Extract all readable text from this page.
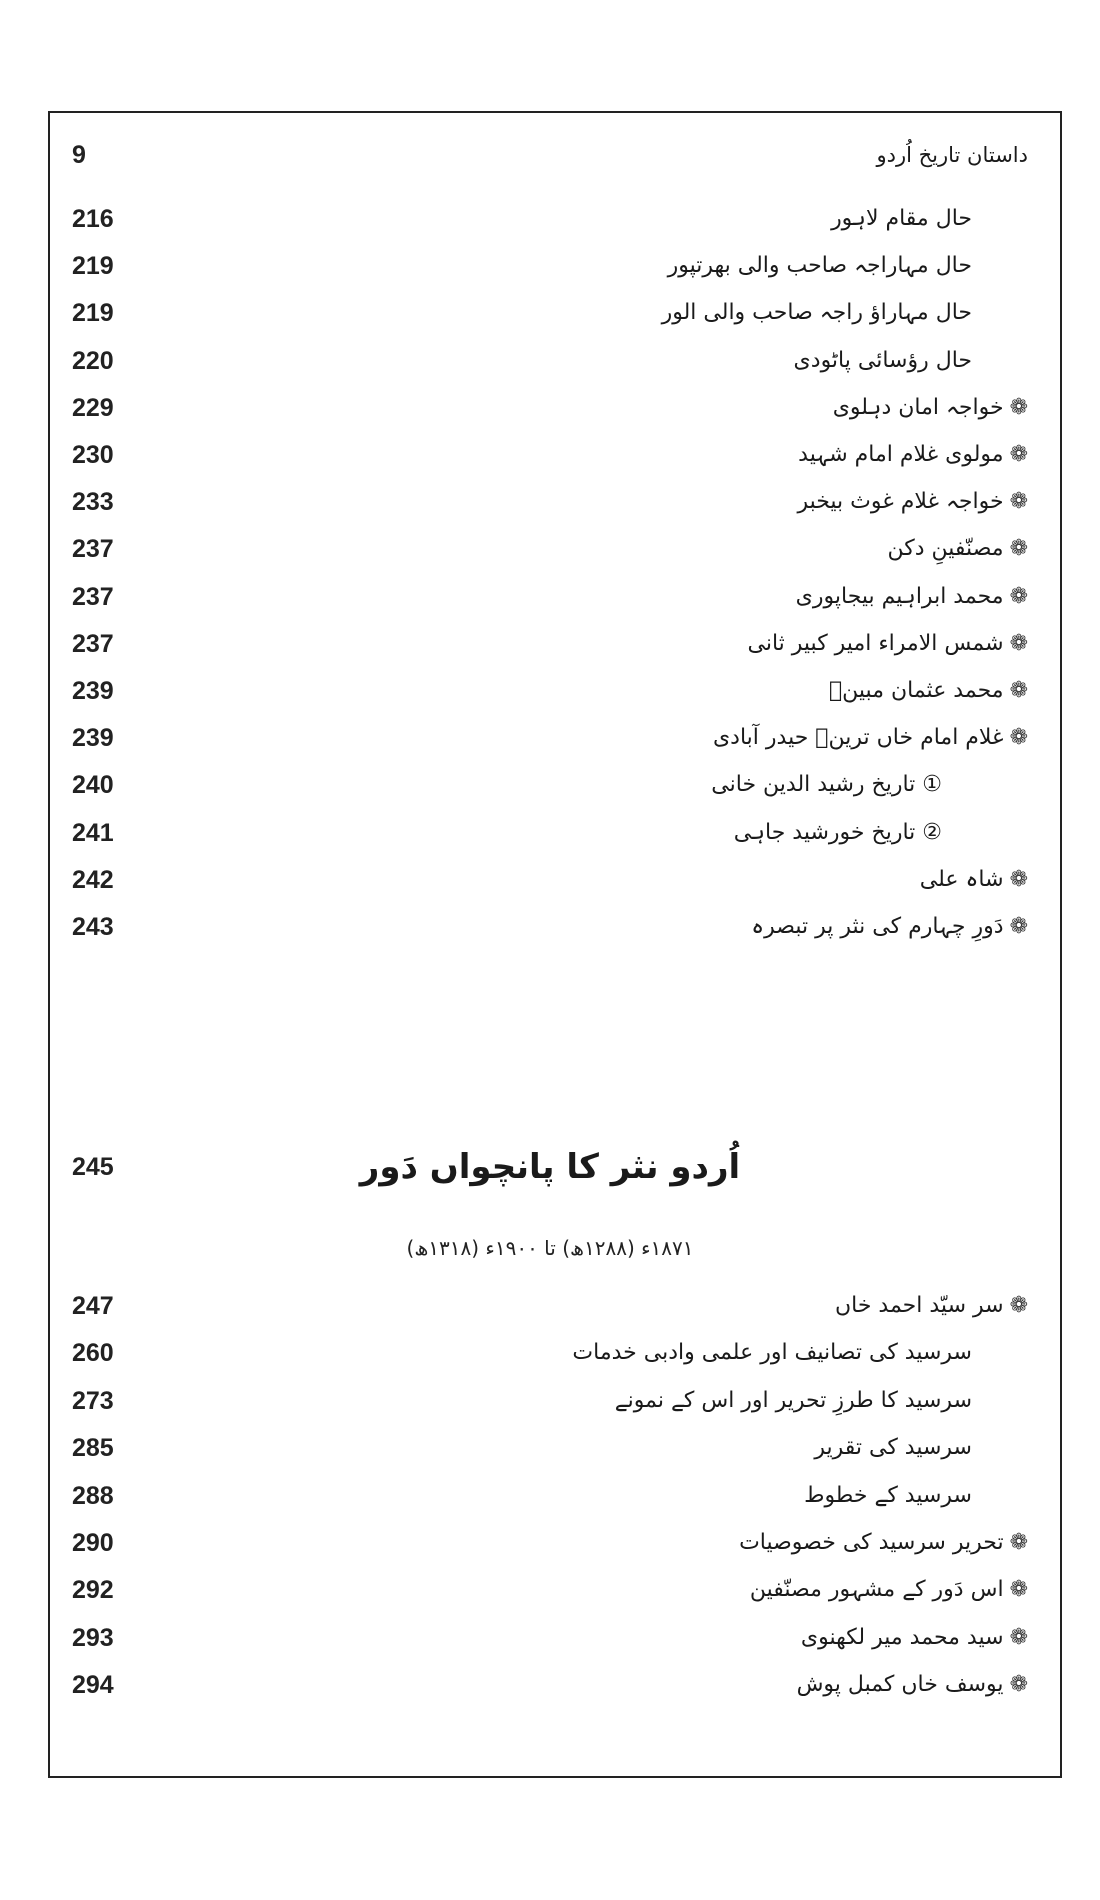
9	داستان تاریخ اُردو
216	حال مقام لاہور
219	حال مہاراجہ صاحب والی بھرتپور
219	حال مہاراؤ راجہ صاحب والی الور
220	حال رؤسائی پاٹودی
229	❁خواجہ امان دہلوی
230	❁مولوی غلام امام شہید
233	❁خواجہ غلام غوث بیخبر
237	❁مصنّفینِ دکن
237	❁محمد ابراہیم بیجاپوری
237	❁شمس الامراء امیر کبیر ثانی
239	❁محمد عثمان مبینؔ
239	❁غلام امام خاں ترینؔ حیدر آبادی
240	① تاریخ رشید الدین خانی
241	② تاریخ خورشید جاہی
242	❁شاہ علی
243	❁دَورِ چہارم کی نثر پر تبصرہ
245	اُردو نثر کا پانچواں دَور
۱۸۷۱ء (۱۲۸۸ھ) تا ۱۹۰۰ء (۱۳۱۸ھ)
247	❁سر سیّد احمد خاں
260	سرسید کی تصانیف اور علمی وادبی خدمات
273	سرسید کا طرزِ تحریر اور اس کے نمونے
285	سرسید کی تقریر
288	سرسید کے خطوط
290	❁تحریر سرسید کی خصوصیات
292	❁اس دَور کے مشہور مصنّفین
293	❁سید محمد میر لکھنوی
294	❁یوسف خاں کمبل پوش
